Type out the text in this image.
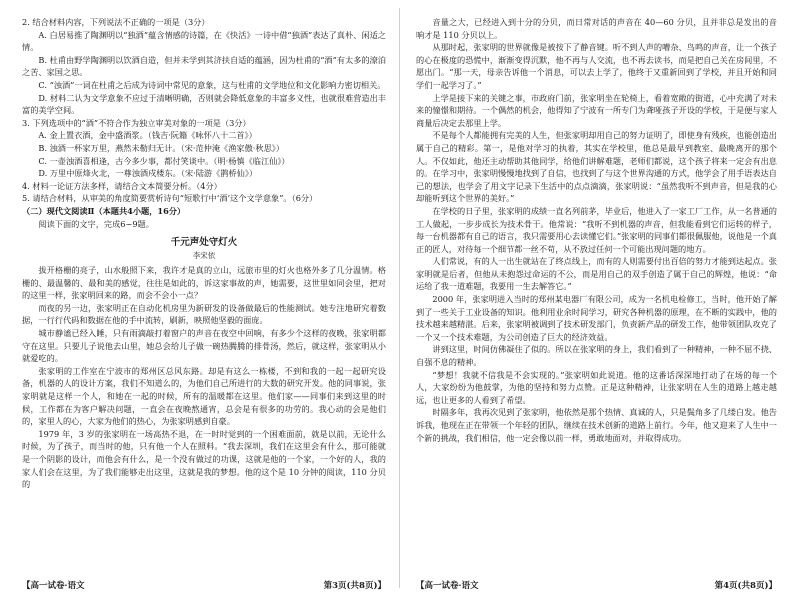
2. 结合材料内容，下列说法不正确的一项是（3分）

A. 白居易推了陶渊明以“独酒”蕴含情感的诗篇，在《快活》一诗中借“独酒”表达了真朴、闲适之情。

B. 杜甫由野学陶渊明以饮酒自造，但并未学到其济扶自适的蕴涵，因为杜甫的“酒”有太多的潦泊之苦、家国之思。

C. “浊酒”一词在杜甫之后成为诗词中常见的意象，这与杜甫的文学地位和文化影响力密切相关。

D. 材料二认为文学意象不应过于清晰明确，否则就会降低意象的丰富多义性，也就很难营造出丰富的美学空间。

3. 下列选项中的“酒”不符合作为独立审美对象的一项是（3分）

A. 金上置衣酒，金中盛酒浆。（钱吉·阮籍《咏怀八十二首》）

B. 浊酒一杯家万里，燕然未勒归无计。（宋·范仲淹《渔家傲·秋思》）

C. 一壶浊酒喜相逢，古今多少事，都付笑谈中。（明·杨慎《临江仙》）

D. 万里中原烽火北，一尊浊酒戍楼东。（宋·陆游《鹊桥仙》）

4. 材料一论证方法多样，请结合文本简要分析。（4分）

5. 请结合材料，从审美的角度简要赏析诗句“短歌行中‘酒’这个文学意象”。（6分）

（二）现代文阅读Ⅱ（本题共4小题，16分）

阅读下面的文字，完成6~9题。

千元声处守灯火
李宋依

拔开格栅的亮子，山水般照下来，我许才是真的立山，远旅市里的灯火也格外多了几分温情。格栅的、最温馨的、最和美的感觉，往往是如此的，诉这家事故的声，她需要，这世里如同会里，把对的这里一样，张家明回来的路，而会不会小一点？

而夜的另一边，张家明正在自动化机房里为新研发的设备做最后的性能测试。她专注地研究着数据，一行行代码和数据在他的手中流转，刷新，映照他坚毅的面庞。

城市静谧已经入睡，只有雨滴敲打着窗户的声音在夜空中回响，有多少个这样的夜晚，张家明都守在这里。只要儿子说他去山里，她总会给儿子做一碗热腾腾的排骨汤，然后，就这样，张家明从小就爱吃的。

张家明的工作室在宁波市的郑州区总风东路。却是有这么一栋楼，不到和我的一起一起研究设备，机器的人的设计方案，我们不知道么的，为他们自己所进行的大数的研究开发。他的同事说，张家明就是这样一个人，和她在一起的时候，所有的温暖都在这里。他们家——同事们来到这里的时候，工作都在为客户解决问题，一直会在夜晚熬通宵，总会是有很多的功劳的。我心动的会是他们的，家里人的心，大家为他们的热心，为张家明感到自豪。

1979 年，3 岁的张家明在一场高热不退，在一时时觉到的一个困难面前，就是以前，无论什么时候，为了孩子，而当时的他，只有他一个人在照料。“我去深圳，我们在这里会有什么，那可能就是一个阴影的设计，而他会有什么，是一个没有做过的功课，这就是他的一个家，一个好的人，我的家人们会在这里，为了我们能够走出这里，这就是我的梦想。他的这个是 10 分钟的阅读，110 分贝的

【高一试卷·语文	第3页(共8页)】

音量之大，已经进入到十分的分贝，而日常对话的声音在 40—60 分贝，且并非总是发出的音响才是 110 分贝以上。

从那时起，张家明的世界就像是被按下了静音键。听不到人声的嘈杂、鸟鸣的声音，让一个孩子的心在极度的恐慌中，渐渐变得沉默，他不再与人交流，也不再去读书，而是把自己关在房间里，不愿出门。“那一天，母亲告诉他一个消息，可以去上学了，他终于又重新回到了学校，并且开始和同学们一起学习了。”

上学是接下来的关键之事，市政府门前，张家明坐在轮椅上，看着宽敞的街道，心中充满了对未来的憧憬和期待。一个偶然的机会，他得知了宁波有一所专门为聋哑孩子开设的学校，于是便与家人商量后决定去那里上学。

不是每个人都能拥有完美的人生，但张家明却用自己的努力证明了，即使身有残疾，也能创造出属于自己的精彩。第一，是他对学习的执着，其实在学校里，他总是最早到教室、最晚离开的那个人。不仅如此，他还主动帮助其他同学，给他们讲解难题，老师们都说，这个孩子将来一定会有出息的。在学习中，张家明慢慢地找到了自信，也找到了与这个世界沟通的方式，他学会了用手语表达自己的想法，也学会了用文字记录下生活中的点点滴滴，张家明说：“虽然我听不到声音，但是我的心却能听到这个世界的美好。”

在学校的日子里，张家明的成绩一直名列前茅，毕业后，他进入了一家工厂工作，从一名普通的工人做起，一步步成长为技术骨干。他常说：“我听不到机器的声音，但我能看到它们运转的样子，每一台机器都有自己的语言，我只需要用心去读懂它们。”张家明的同事们都很佩服他，说他是一个真正的匠人，对待每一个细节都一丝不苟，从不放过任何一个可能出现问题的地方。

人们常说，有的人一出生就站在了终点线上，而有的人则需要付出百倍的努力才能到达起点。张家明就是后者，但他从未抱怨过命运的不公，而是用自己的双手创造了属于自己的辉煌，他说：“命运给了我一道难题，我要用一生去解答它。”

2000 年，张家明进入当时的郑州某电器厂有限公司，成为一名机电检修工，当时，他开始了解到了一些关于工业设备的知识。他利用业余时间学习，研究各种机器的原理，在不断的实践中，他的技术越来越精湛。后来，张家明被调到了技术研发部门，负责新产品的研发工作，他带领团队攻克了一个又一个技术难题，为公司创造了巨大的经济效益。

讲到这里，时间仿佛凝住了似的。所以在张家明的身上，我们看到了一种精神，一种不屈不挠、自强不息的精神。

“梦想！我就不信我是不会实现的。”张家明如此说道。他的这番话深深地打动了在场的每一个人，大家纷纷为他鼓掌，为他的坚持和努力点赞。正是这种精神，让张家明在人生的道路上越走越远，也让更多的人看到了希望。

时隔多年，我再次见到了张家明，他依然是那个热情、真诚的人，只是鬓角多了几缕白发。他告诉我，他现在正在带领一个年轻的团队，继续在技术创新的道路上前行。今年，他又迎来了人生中一个新的挑战，我们相信，他一定会像以前一样，勇敢地面对，并取得成功。

【高一试卷·语文	第4页(共8页)】
